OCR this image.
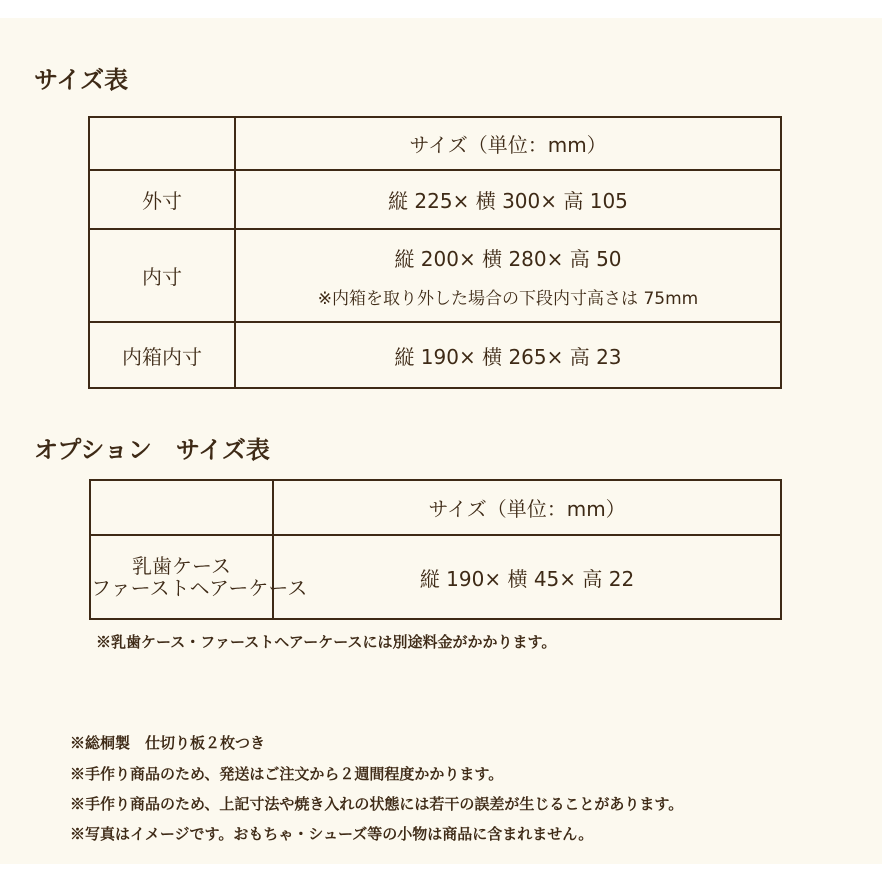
サイズ表
	サイズ（単位：mm）
外寸	縦 225× 横 300× 高 105
内寸	縦 200× 横 280× 高 50
※内箱を取り外した場合の下段内寸高さは 75mm

内箱内寸	縦 190× 横 265× 高 23
オプション　サイズ表
	サイズ（単位：mm）

乳歯ケース
ファーストヘアーケース	縦 190× 横 45× 高 22
※乳歯ケース・ファーストヘアーケースには別途料金がかかります。
※総桐製　仕切り板２枚つき
※手作り商品のため、発送はご注文から２週間程度かかります。
※手作り商品のため、上記寸法や焼き入れの状態には若干の誤差が生じることがあります。
※写真はイメージです。おもちゃ・シューズ等の小物は商品に含まれません。
